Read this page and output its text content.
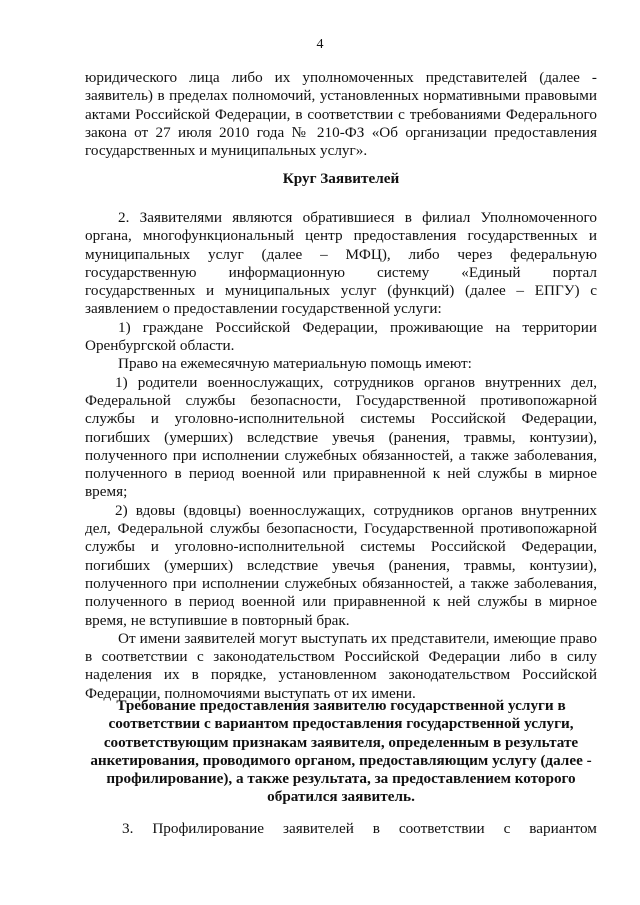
4

юридического лица либо их уполномоченных представителей (далее - заявитель) в пределах полномочий, установленных нормативными правовыми актами Российской Федерации, в соответствии с требованиями Федерального закона от 27 июля 2010 года № 210-ФЗ «Об организации предоставления государственных и муниципальных услуг».

Круг Заявителей

2. Заявителями являются обратившиеся в филиал Уполномоченного органа, многофункциональный центр предоставления государственных и муниципальных услуг (далее – МФЦ), либо через федеральную государственную информационную систему «Единый портал государственных и муниципальных услуг (функций) (далее – ЕПГУ) с заявлением о предоставлении государственной услуги:

1) граждане Российской Федерации, проживающие на территории Оренбургской области.

Право на ежемесячную материальную помощь имеют:

1) родители военнослужащих, сотрудников органов внутренних дел, Федеральной службы безопасности, Государственной противопожарной службы и уголовно-исполнительной системы Российской Федерации, погибших (умерших) вследствие увечья (ранения, травмы, контузии), полученного при исполнении служебных обязанностей, а также заболевания, полученного в период военной или приравненной к ней службы в мирное время;

2) вдовы (вдовцы) военнослужащих, сотрудников органов внутренних дел, Федеральной службы безопасности, Государственной противопожарной службы и уголовно-исполнительной системы Российской Федерации, погибших (умерших) вследствие увечья (ранения, травмы, контузии), полученного при исполнении служебных обязанностей, а также заболевания, полученного в период военной или приравненной к ней службы в мирное время, не вступившие в повторный брак.

От имени заявителей могут выступать их представители, имеющие право в соответствии с законодательством Российской Федерации либо в силу наделения их в порядке, установленном законодательством Российской Федерации, полномочиями выступать от их имени.

Требование предоставления заявителю государственной услуги в соответствии с вариантом предоставления государственной услуги, соответствующим признакам заявителя, определенным в результате анкетирования, проводимого органом, предоставляющим услугу (далее - профилирование), а также результата, за предоставлением которого обратился заявитель.

3. Профилирование заявителей в соответствии с вариантом
